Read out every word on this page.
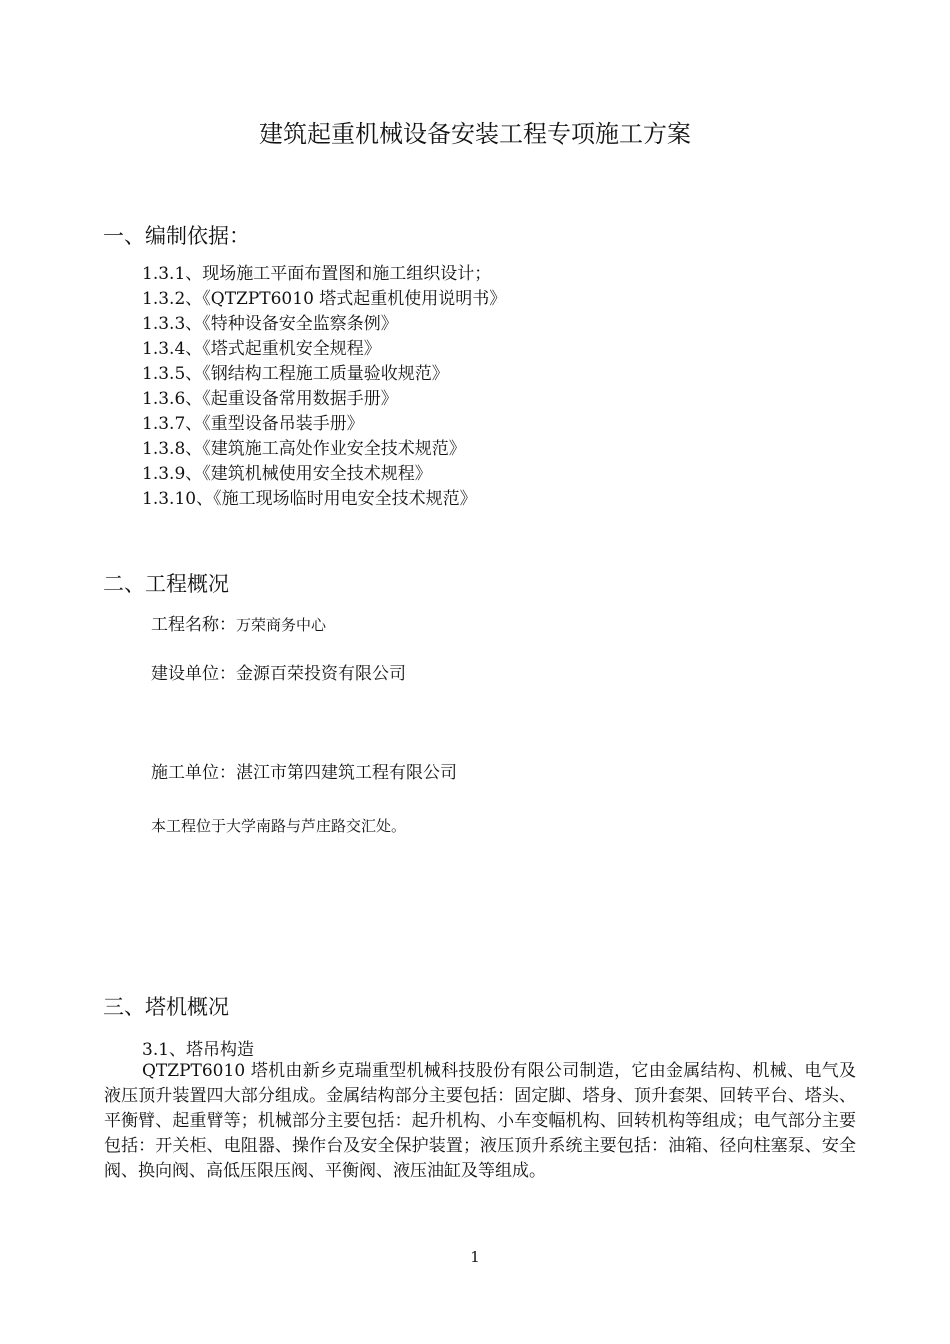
建筑起重机械设备安装工程专项施工方案
一、编制依据：
1.3.1、现场施工平面布置图和施工组织设计；
1.3.2、《QTZPT6010 塔式起重机使用说明书》
1.3.3、《特种设备安全监察条例》
1.3.4、《塔式起重机安全规程》
1.3.5、《钢结构工程施工质量验收规范》
1.3.6、《起重设备常用数据手册》
1.3.7、《重型设备吊装手册》
1.3.8、《建筑施工高处作业安全技术规范》
1.3.9、《建筑机械使用安全技术规程》
1.3.10、《施工现场临时用电安全技术规范》
二、工程概况
工程名称：万荣商务中心
建设单位：金源百荣投资有限公司
施工单位：湛江市第四建筑工程有限公司
本工程位于大学南路与芦庄路交汇处。
三、塔机概况
3.1、塔吊构造

QTZPT6010 塔机由新乡克瑞重型机械科技股份有限公司制造，它由金属结构、机械、电气及液压顶升装置四大部分组成。金属结构部分主要包括：固定脚、塔身、顶升套架、回转平台、塔头、平衡臂、起重臂等；机械部分主要包括：起升机构、小车变幅机构、回转机构等组成；电气部分主要包括：开关柜、电阻器、操作台及安全保护装置；液压顶升系统主要包括：油箱、径向柱塞泵、安全阀、换向阀、高低压限压阀、平衡阀、液压油缸及等组成。

1
